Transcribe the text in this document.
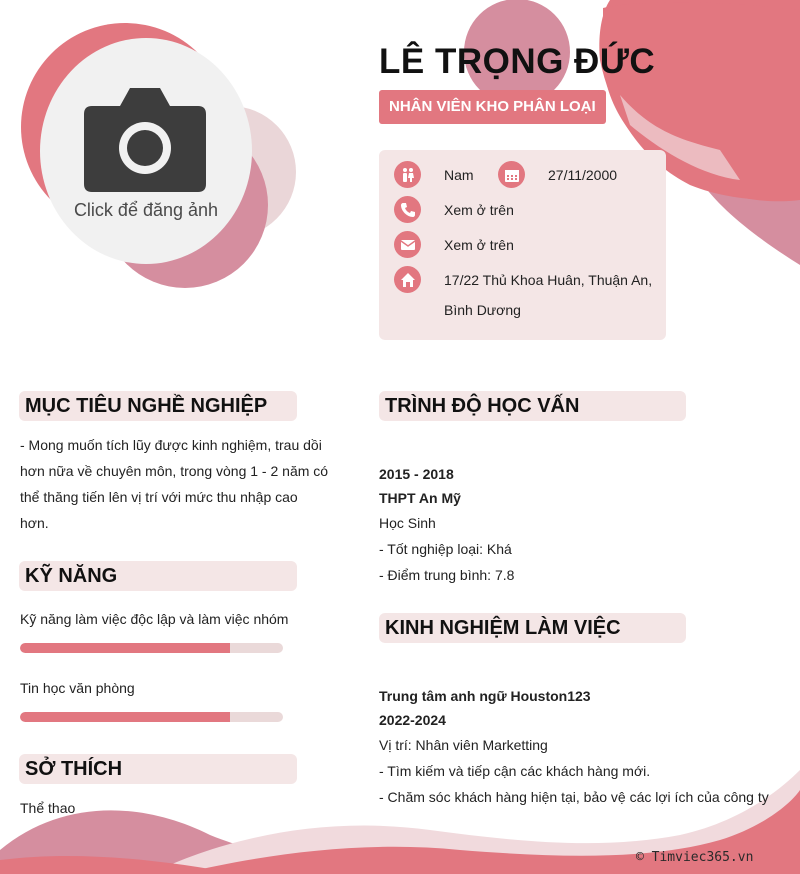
Click để đăng ảnh
LÊ TRỌNG ĐỨC
NHÂN VIÊN KHO PHÂN LOẠI
Nam	27/11/2000
Xem ở trên
Xem ở trên
17/22 Thủ Khoa Huân, Thuận An,
Bình Dương
MỤC TIÊU NGHỀ NGHIỆP
- Mong muốn tích lũy được kinh nghiệm, trau dồi
hơn nữa về chuyên môn, trong vòng 1 - 2 năm có
thể thăng tiến lên vị trí với mức thu nhập cao
hơn.
KỸ NĂNG
Kỹ năng làm việc độc lập và làm việc nhóm
Tin học văn phòng
SỞ THÍCH
Thể thao
TRÌNH ĐỘ HỌC VẤN
2015 - 2018
THPT An Mỹ
Học Sinh
- Tốt nghiệp loại: Khá
- Điểm trung bình: 7.8
KINH NGHIỆM LÀM VIỆC
Trung tâm anh ngữ Houston123
2022-2024
Vị trí: Nhân viên Marketting
- Tìm kiếm và tiếp cận các khách hàng mới.
- Chăm sóc khách hàng hiện tại, bảo vệ các lợi ích của công ty
© Timviec365.vn
